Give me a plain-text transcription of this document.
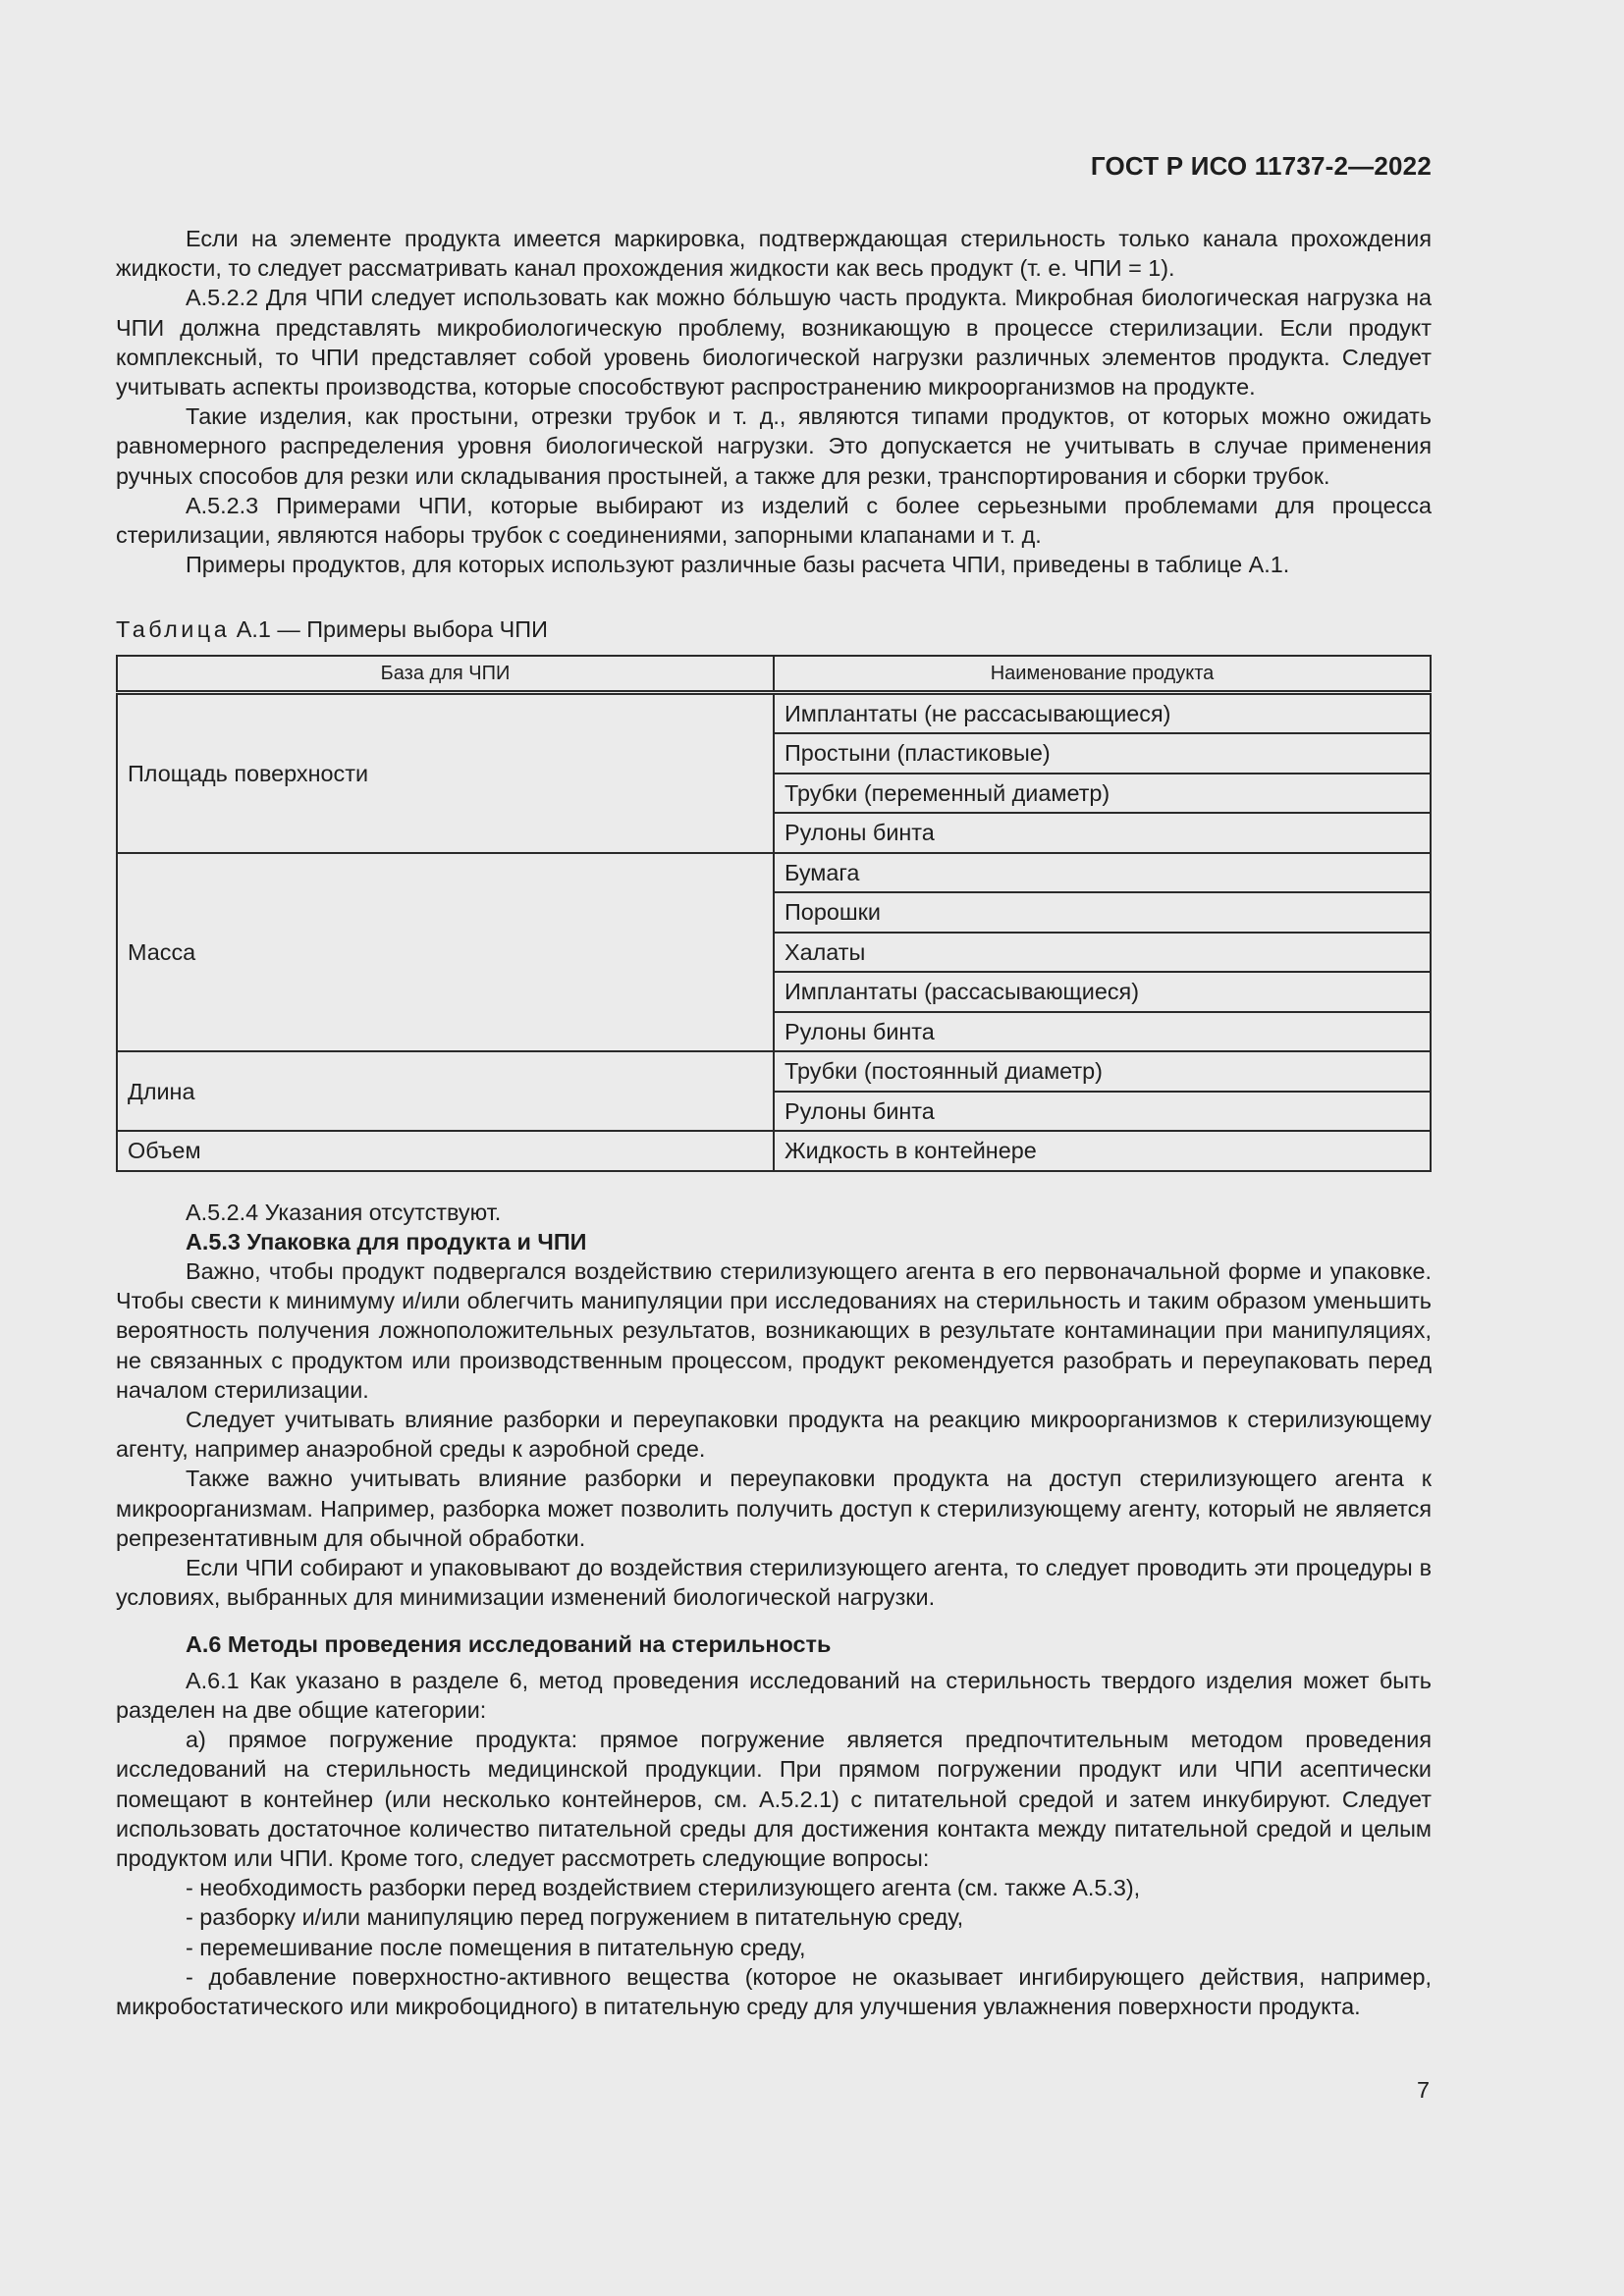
ГОСТ Р ИСО 11737-2—2022

Если на элементе продукта имеется маркировка, подтверждающая стерильность только канала прохождения жидкости, то следует рассматривать канал прохождения жидкости как весь продукт (т. е. ЧПИ = 1).

А.5.2.2 Для ЧПИ следует использовать как можно бóльшую часть продукта. Микробная биологическая нагрузка на ЧПИ должна представлять микробиологическую проблему, возникающую в процессе стерилизации. Если продукт комплексный, то ЧПИ представляет собой уровень биологической нагрузки различных элементов продукта. Следует учитывать аспекты производства, которые способствуют распространению микроорганизмов на продукте.

Такие изделия, как простыни, отрезки трубок и т. д., являются типами продуктов, от которых можно ожидать равномерного распределения уровня биологической нагрузки. Это допускается не учитывать в случае применения ручных способов для резки или складывания простыней, а также для резки, транспортирования и сборки трубок.

А.5.2.3 Примерами ЧПИ, которые выбирают из изделий с более серьезными проблемами для процесса стерилизации, являются наборы трубок с соединениями, запорными клапанами и т. д.

Примеры продуктов, для которых используют различные базы расчета ЧПИ, приведены в таблице А.1.

Таблица А.1 — Примеры выбора ЧПИ
База для ЧПИ	Наименование продукта
Площадь поверхности	Имплантаты (не рассасывающиеся)
	Простыни (пластиковые)
	Трубки (переменный диаметр)
	Рулоны бинта
Масса	Бумага
	Порошки
	Халаты
	Имплантаты (рассасывающиеся)
	Рулоны бинта
Длина	Трубки (постоянный диаметр)
	Рулоны бинта
Объем	Жидкость в контейнере

А.5.2.4 Указания отсутствуют.

А.5.3 Упаковка для продукта и ЧПИ

Важно, чтобы продукт подвергался воздействию стерилизующего агента в его первоначальной форме и упаковке. Чтобы свести к минимуму и/или облегчить манипуляции при исследованиях на стерильность и таким образом уменьшить вероятность получения ложноположительных результатов, возникающих в результате контаминации при манипуляциях, не связанных с продуктом или производственным процессом, продукт рекомендуется разобрать и переупаковать перед началом стерилизации.

Следует учитывать влияние разборки и переупаковки продукта на реакцию микроорганизмов к стерилизующему агенту, например анаэробной среды к аэробной среде.

Также важно учитывать влияние разборки и переупаковки продукта на доступ стерилизующего агента к микроорганизмам. Например, разборка может позволить получить доступ к стерилизующему агенту, который не является репрезентативным для обычной обработки.

Если ЧПИ собирают и упаковывают до воздействия стерилизующего агента, то следует проводить эти процедуры в условиях, выбранных для минимизации изменений биологической нагрузки.

А.6 Методы проведения исследований на стерильность

А.6.1 Как указано в разделе 6, метод проведения исследований на стерильность твердого изделия может быть разделен на две общие категории:

а) прямое погружение продукта: прямое погружение является предпочтительным методом проведения исследований на стерильность медицинской продукции. При прямом погружении продукт или ЧПИ асептически помещают в контейнер (или несколько контейнеров, см. А.5.2.1) с питательной средой и затем инкубируют. Следует использовать достаточное количество питательной среды для достижения контакта между питательной средой и целым продуктом или ЧПИ. Кроме того, следует рассмотреть следующие вопросы:

- необходимость разборки перед воздействием стерилизующего агента (см. также А.5.3),

- разборку и/или манипуляцию перед погружением в питательную среду,

- перемешивание после помещения в питательную среду,

- добавление поверхностно-активного вещества (которое не оказывает ингибирующего действия, например, микробостатического или микробоцидного) в питательную среду для улучшения увлажнения поверхности продукта.

7
